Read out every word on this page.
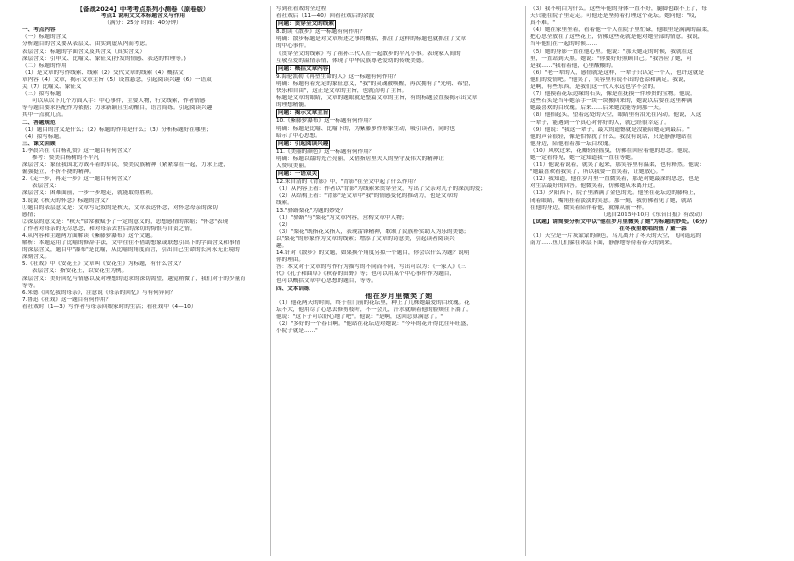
【备战2024】中考考点系列小测卷（原卷版）
考点1 说明文文本标题含义与作用
（满分：25分 时间：40分钟）
一、考点内容
（一）标题的含义
分析题目的含义要从表层义、由实到虚从内而考虑。
表层含义：标题的字面含义及其含义（真实含义）
深层含义：引申义、比喻义、象征义(抒发的情感、表达的哲理等。)
（二）标题的作用
（1）是文章的写作线索、线索（2）交代文章的线索（4）概括文
章内容（4）文章，揭示文章主旨（5）设置悬念，引起阅读兴趣（6）一语双
关（7）比喻义、象征义
（三）拟写标题
可以从以下几个方面入手：中心事件，主要人物，行文线索，作者情感
等与题目要求匹配作为依据；力求新颖且生动醒目，语言简练。引起阅读兴趣
其中一点就几点。
二、答题规范
（1）题目的含义是什么；（2）标题的作用是什么；（3）分析标题好在哪里；
（4）拟写标题。
三、课文回顾
1.季晨兴在《白杨礼赞》这一题目有何含义？
参考：赞美白杨树的不平凡
深层含义：象征我国北方战斗着的军民，赞美民族精神（紧紧靠在一起，力求上进，
倔强挺立，不折不挠的精神。
2.《走一步，再走一步》这一题目有何含义？
表层含义：
深层含义：困难面前，一步一步地走，就能取得胜利。
3.说说《秋天的怀念》标题的含义？
①题目的表层意义是：文章写记叙的是秋天，文章表达怀念，对怀念母亲的深切
感情；
②深层的意义是："秋天"常常被赋予了一定的意义的，思想感情的浓缩；"怀念"表现
了作者对母亲的无尽思念，和对母亲去世后的深切的悔恨与自责之情。
4.从内容和主题两方面解读《紫藤萝瀑布》这个文题。
解析：本题运用了比喻的修辞手法，文中往往不借助想象或联想引出下的字面含义和事情
的深层含义，题目中"瀑布"是比喻，从比喻的角度而言，引出自己生命的长河永无止境的
深刻含义。
5.《社戏》中《安花王》文章叫《安花生》为标题，有什么含义？
表层含义：指安花王，以安花生为例。
深层含义：美好回忆与情感以及对理想的追求的深切渴望，越觉稍微了，我们对于的少量育
等等。
6.朱德《回忆我的母亲》，注意说《母亲的回忆》与有何异同？
7.鲁迅《社戏》这一题目有何作用？
看社戏时（1—3）写作者与母亲回娘家时的生活；看社戏中（4—10）
写到社看戏的全过程
看社戏后（11—40）回看社戏后的余波
问题：贯穿全文的线索
8.朗读《散步》这一标题有何作用？
明确：散步标题是对文章所述之事的概括，抓住了这样的标题也就抓住了文章
的中心事件。
《贯穿全文的线索》写了祖孙三代人在一起散步的平凡小事。表现家人间的
互敬互爱的温情亲情，体现了中华民族尊老爱幼的传统美德。
问题：概括文章内容
9.海伦凯勒《再塑生命的人》这一标题有何作用？
明确：标题有着充足的象征意义，"我"的灵魂被唤醒，再次拥有了"光明、希望，
快乐和自由"，这正是文章的主旨，也就点明了主旨。
标题是文章的眼睛，文章的题眼就是整篇文章的主旨，有的标题会直接揭示出文章
的理想精髓。
问题：揭示文章主旨
10.《紫藤萝瀑布》这一标题有何作用？
明确：标题是比喻、比喻下的，为紫藤萝作形象生动，吸引读者，同时也
暗示了中心思想。
问题：引起阅读兴趣
11.《美丽的颜色》这一标题有何作用？
明确：标题以镭的光芒亮丽，又借指居里夫人的坚守及伟大的精神让
人赞叹美丽。
问题：一语双关
12.朱自清的《背影》中，"背影"在全文中起了什么作用？
（1）从内容上看：作者以"背影"为线索来贯穿全文，写出了父亲对儿子的深沉的爱；
（2）从结构上看："背影"是文章中"我"的情感变化的推动力，也是文章的
线索。
13."驿路梨花"为题的妙处？
（1）"驿路"与"梨花"为文章内容，营构文章中人物；
（2）
（3）"梨花"既指花又指人，表现雷锋精神，歌颂了民族朴实助人为乐的美德；
以"梨花"的形象作为文章的线索；增添了文章的诗意美，引起读者阅读兴
趣。
14.针对《散步》的文题，如果换个角度另拟一个题目，你会以什么为题？说明
你的理由。
答：本文对于文章的写作行为描写的不同而不同，写出可以为：《一家人》《三
代》《孔子和曲阜》《秋春的田野》等；也可以用某个中心事件作为题目，
也可以概括文章中心思想的题目，等等。
四、文本训练
他在岁月里微笑了她
（1）他花两天的时间，终于在门前的花坛里，种上了几株她最爱的白玫瑰。花
坛不大，他用尽了心思去修剪枝叶，不一会儿，汗水就顺着他的脸颊往下淌了。
他说："这下子可以舒心地了吧"。他说："是啊，这回总算满意了。"
（2）"多好的一个春日啊。"他站在花坛边对她说："今年的花开得比往年旺盛，
小院子就是……"
（3）我不明白为什么。这些年他的身体一直不好，腿脚也跟不上了，每
天只能在院子里走走。可他还是坚持着打理这个花坛。她问他："哎，
真不难。"
（4）她在家里坐着，看着他一个人在院子里忙碌，他眼里是满满的温柔，
把心思全放在了这些花上，仿佛这些花就是他对她全部的情意。我说，
当年他们在一起的时候……
（5）她的身影一直在他心里。他说："那天她走的时候，我就在这
里，一直站到天黑。她说："你要好好照顾自己。"我答应了她，可
是我……"我看着他，心里酸酸的。
（6）"老一辈的人，感情就是这样，一辈子只认定一个人，也许这就是
他们的爱情吧。"他笑了，笑容里有说不出的苍凉和满足。我说，
是啊，有些东西，是我们这一代人永远也学不会的。
（7）他摸着花坛边缘的石头，像是在抚摸一件珍贵的宝物。他说，
这些石头是当年她亲手一块一块搬回来的，她说以后要在这里种满
她最喜欢的白玫瑰。后来……后来她没能等到那一天。
（8）他抬起头，望着远处的天空，眼睛里有泪光在闪动。他说，人这
一辈子，能遇到一个真心对你好的人，就已经很幸运了。
（9）他说："我这一辈子，最大的遗憾就是没能陪她走到最后。"
他的声音很轻，像是怕惊扰了什么。我没有说话，只是静静地站在
他身边，陪他看着那一坛白玫瑰。
（10）风吹过来，花瓣轻轻摇曳，仿佛在回应着他的思念。他说，
她一定看得见，她一定知道我一直在等她。
（11）他说着说着，就笑了起来，那笑容里有温柔，也有释然。他说：
"她最喜欢看我笑了，所以我要一直笑着，让她放心。"
（12）我知道，他在岁月里一直微笑着，那是对她最深的思念，也是
对生活最好的回答。他微笑着，仿佛她从未离开过。
（13）夕阳西下，院子里洒满了金色的光。他坐在花坛边的藤椅上，
闭着眼睛，嘴角挂着淡淡的笑意。那一刻，我仿佛看见了她，就站
在他的身边，微笑着陪伴着他，就像从前一样。
（选自2015年10月《东台日报》有改动）
【试题】请简要分析文中以"他在岁月里微笑了她"为标题的妙处。（6分）
在冬夜里歌唱的鱼 / 童一蒜
（1）天空是一片灰蒙蒙的颜色，乌儿离开了冬天的天空，飞向遥远的
南方……鱼儿们躲在冰层下面，静静地等待着春天的到来。
